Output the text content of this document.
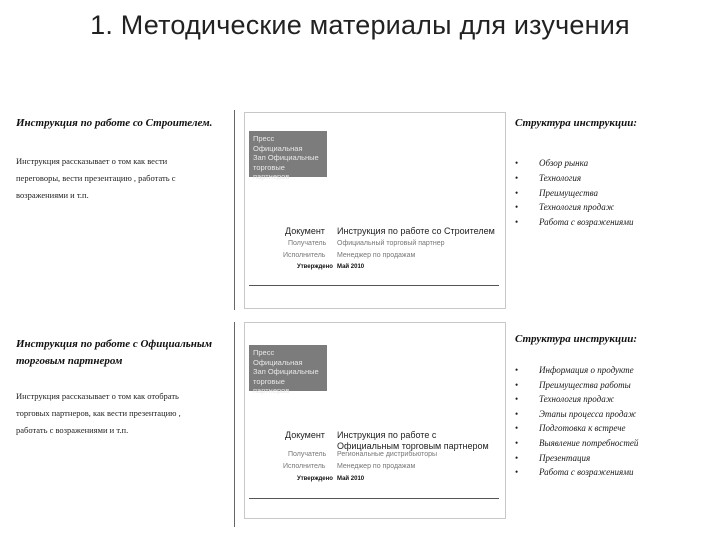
1. Методические материалы для изучения
Инструкция по работе со Строителем.
Инструкция рассказывает о том как вести
переговоры, вести презентацию , работать с
возражениями и т.п.
Пресс
Официальная
Зап Официальные
торговые партнеров
Документ Инструкция по работе со Строителем
Получатель Официальный торговый партнер
Исполнитель Менеджер по продажам
Утверждено Май 2010
Структура инструкции:
• Обзор рынка
• Технология
• Преимущества
• Технология продаж
• Работа с возражениями
Инструкция по работе с Официальным
торговым партнером
Инструкция рассказывает о том как отобрать
торговых партнеров, как вести презентацию ,
работать с возражениями и т.п.
Пресс
Официальная
Зап Официальные
торговые партнеров
Документ Инструкция по работе с
Официальным торговым партнером
Получатель Региональные дистрибьюторы
Исполнитель Менеджер по продажам
Утверждено Май 2010
Структура инструкции:
• Информация о продукте
• Преимущества работы
• Технология продаж
• Этапы процесса продаж
• Подготовка к встрече
• Выявление потребностей
• Презентация
• Работа с возражениями
